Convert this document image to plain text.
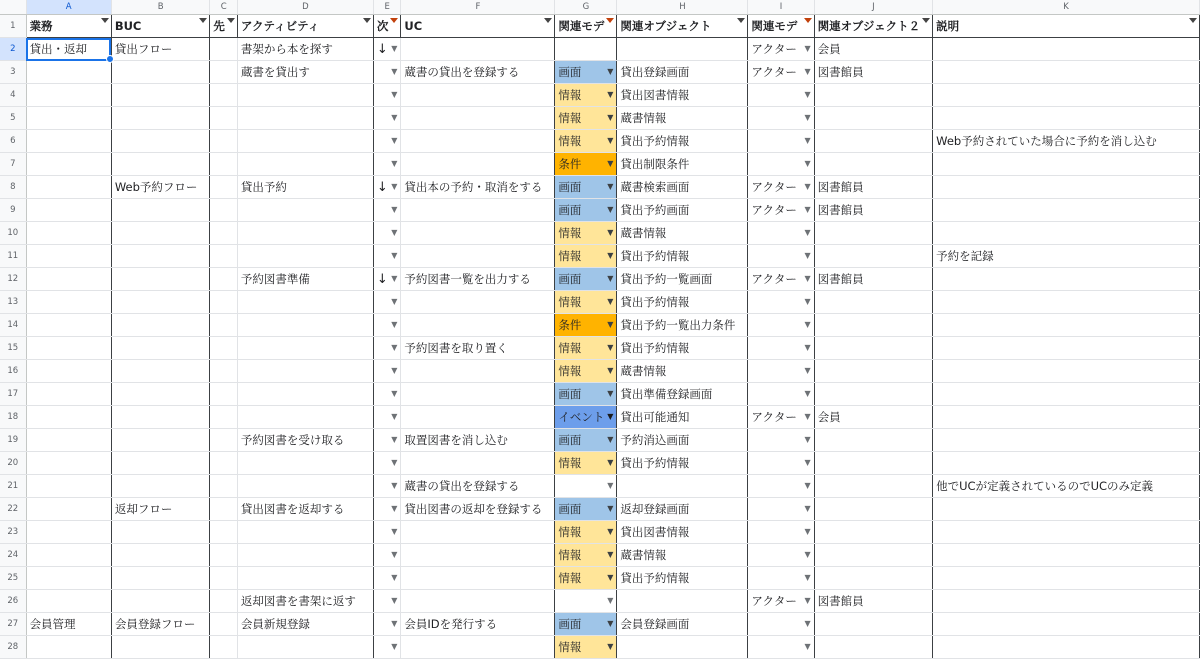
	A	B	C	D	E	F	G	H	I	J	K
1	業務	BUC	先	アクティビティ	次	UC	関連モデ	関連オブジェクト	関連モデ	関連オブジェクト２	説明

2	貸出・返却	貸出フロー		書架から本を探す	↓ ▼				アクター ▼	会員	

3				蔵書を貸出す	▼	蔵書の貸出を登録する	画面 ▼	貸出登録画面	アクター ▼	図書館員	

4					▼		情報 ▼	貸出図書情報	▼		

5					▼		情報 ▼	蔵書情報	▼		

6					▼		情報 ▼	貸出予約情報	▼		Web予約されていた場合に予約を消し込む

7					▼		条件 ▼	貸出制限条件	▼		

8		Web予約フロー		貸出予約	↓ ▼	貸出本の予約・取消をする	画面 ▼	蔵書検索画面	アクター ▼	図書館員	

9					▼		画面 ▼	貸出予約画面	アクター ▼	図書館員	

10					▼		情報 ▼	蔵書情報	▼		

11					▼		情報 ▼	貸出予約情報	▼		予約を記録

12				予約図書準備	↓ ▼	予約図書一覧を出力する	画面 ▼	貸出予約一覧画面	アクター ▼	図書館員	

13					▼		情報 ▼	貸出予約情報	▼		

14					▼		条件 ▼	貸出予約一覧出力条件	▼		

15					▼	予約図書を取り置く	情報 ▼	貸出予約情報	▼		

16					▼		情報 ▼	蔵書情報	▼		

17					▼		画面 ▼	貸出準備登録画面	▼		

18					▼		イベント ▼	貸出可能通知	アクター ▼	会員	

19				予約図書を受け取る	▼	取置図書を消し込む	画面 ▼	予約消込画面	▼		

20					▼		情報 ▼	貸出予約情報	▼		

21					▼	蔵書の貸出を登録する	▼		▼		他でUCが定義されているのでUCのみ定義

22		返却フロー		貸出図書を返却する	▼	貸出図書の返却を登録する	画面 ▼	返却登録画面	▼		

23					▼		情報 ▼	貸出図書情報	▼		

24					▼		情報 ▼	蔵書情報	▼		

25					▼		情報 ▼	貸出予約情報	▼		

26				返却図書を書架に返す	▼		▼		アクター ▼	図書館員	

27	会員管理	会員登録フロー		会員新規登録	▼	会員IDを発行する	画面 ▼	会員登録画面	▼		

28					▼		情報 ▼		▼		
